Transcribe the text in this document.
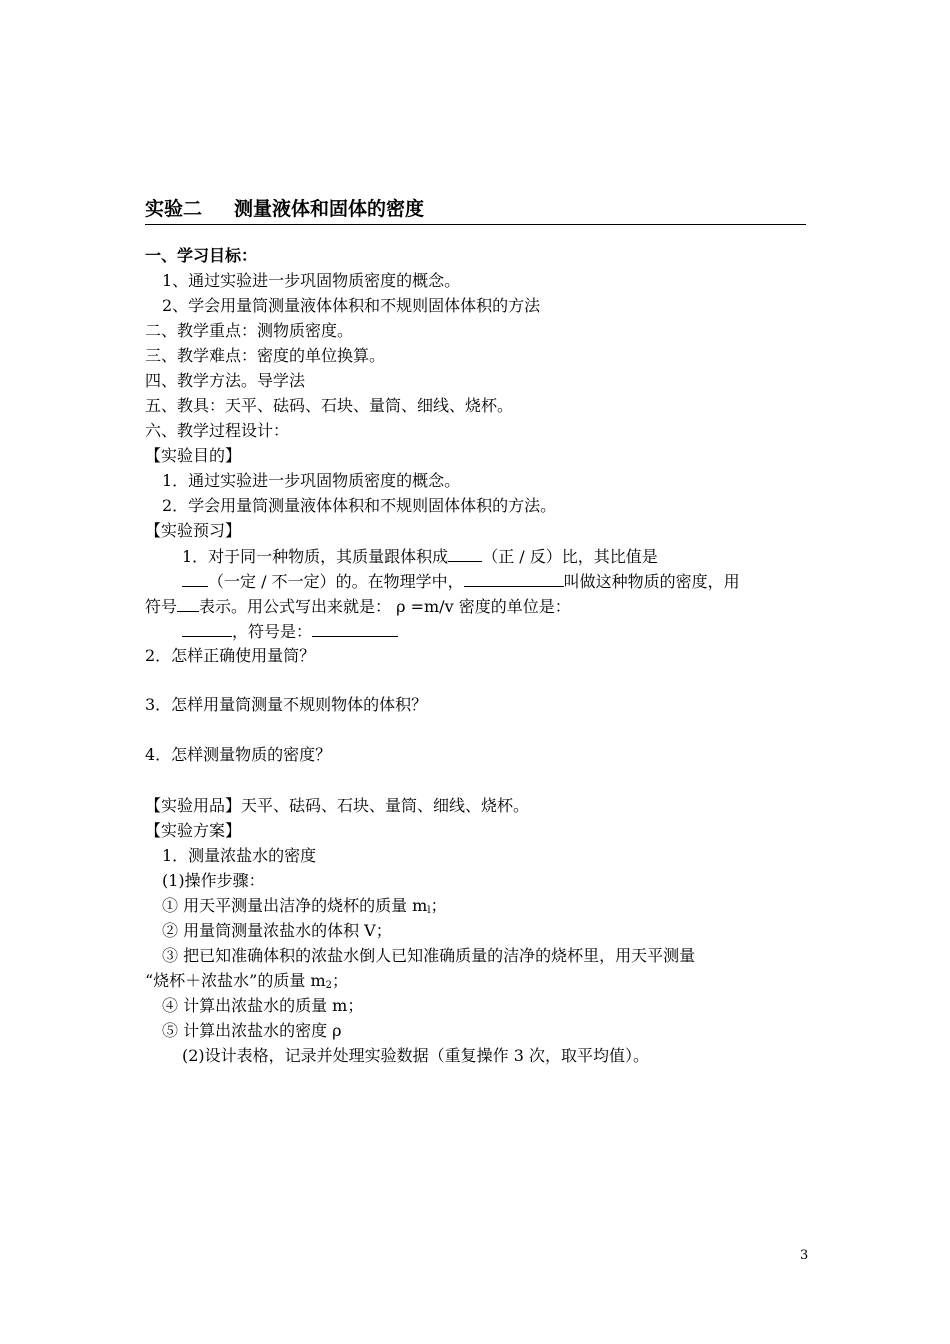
实验二 测量液体和固体的密度
一、学习目标：
1、通过实验进一步巩固物质密度的概念。
2、学会用量筒测量液体体积和不规则固体体积的方法
二、教学重点：测物质密度。
三、教学难点：密度的单位换算。
四、教学方法。导学法
五、教具：天平、砝码、石块、量筒、细线、烧杯。
六、教学过程设计：
【实验目的】
1．通过实验进一步巩固物质密度的概念。
2．学会用量筒测量液体体积和不规则固体体积的方法。
【实验预习】
1．对于同一种物质，其质量跟体积成 （正 / 反）比，其比值是
（一定 / 不一定）的。在物理学中，	叫做这种物质的密度，用
符号 表示。用公式写出来就是： ρ =m/v 密度的单位是：
，符号是：
2．怎样正确使用量筒？
3．怎样用量筒测量不规则物体的体积？
4．怎样测量物质的密度？
【实验用品】天平、砝码、石块、量筒、细线、烧杯。
【实验方案】
1．测量浓盐水的密度
(1)操作步骤：
① 用天平测量出洁净的烧杯的质量 $m_l$；
② 用量筒测量浓盐水的体积 V；
③ 把已知准确体积的浓盐水倒人已知准确质量的洁净的烧杯里，用天平测量
“烧杯＋浓盐水”的质量 $m_2$；
④ 计算出浓盐水的质量 m；
⑤ 计算出浓盐水的密度 ρ
(2)设计表格，记录并处理实验数据（重复操作 3 次，取平均值）。
3
